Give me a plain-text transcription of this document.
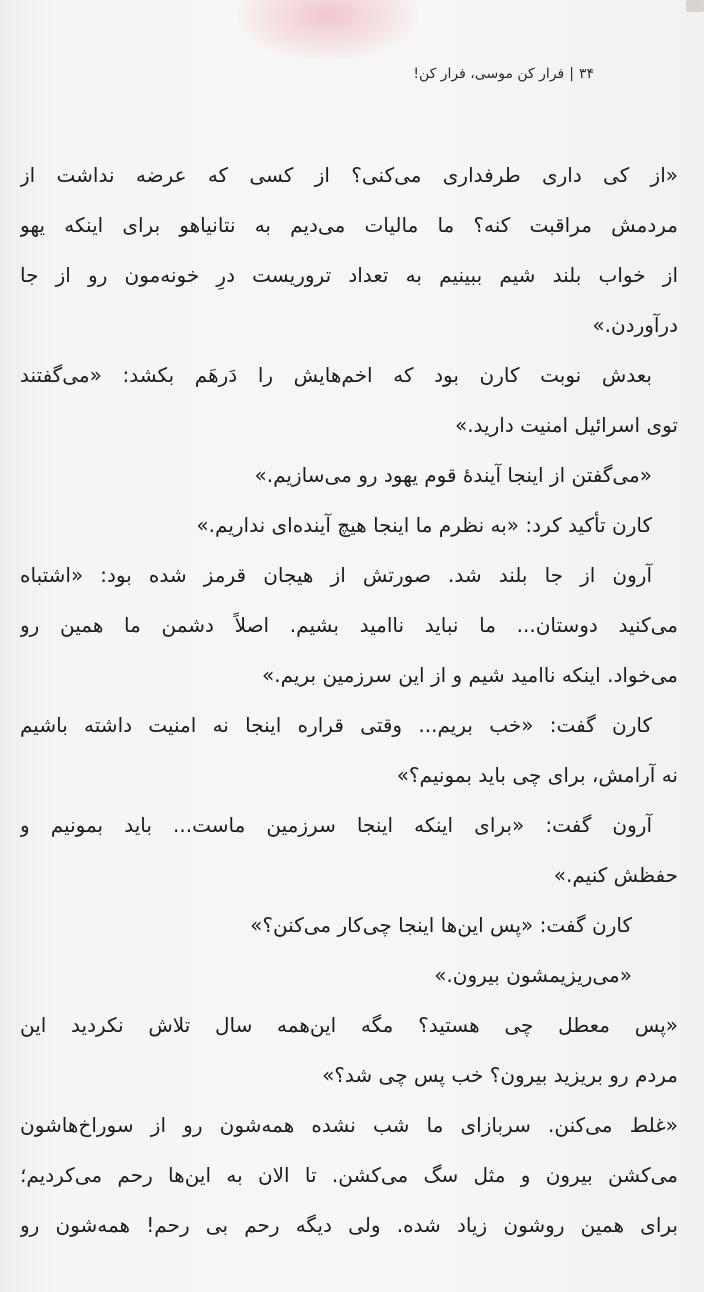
۳۴|فرار کن موسی، فرار کن!
«از کی داری طرفداری می‌کنی؟ از کسی که عرضه نداشت از
مردمش مراقبت کنه؟ ما مالیات می‌دیم به نتانیاهو برای اینکه یهو
از خواب بلند شیم ببینیم به تعداد تروریست درِ خونه‌مون رو از جا
درآوردن.»
بعدش نوبت کارن بود که اخم‌هایش را دَرهَم بکشد: «می‌گفتند
توی اسرائیل امنیت دارید.»
«می‌گفتن از اینجا آیندهٔ قوم یهود رو می‌سازیم.»
کارن تأکید کرد: «به نظرم ما اینجا هیچ آینده‌ای نداریم.»
آرون از جا بلند شد. صورتش از هیجان قرمز شده بود: «اشتباه
می‌کنید دوستان... ما نباید ناامید بشیم. اصلاً دشمن ما همین رو
می‌خواد. اینکه ناامید شیم و از این سرزمین بریم.»
کارن گفت: «خب بریم... وقتی قراره اینجا نه امنیت داشته باشیم
نه آرامش، برای چی باید بمونیم؟»
آرون گفت: «برای اینکه اینجا سرزمین ماست... باید بمونیم و
حفظش کنیم.»
کارن گفت: «پس این‌ها اینجا چی‌کار می‌کنن؟»
«می‌ریزیمشون بیرون.»
«پس معطل چی هستید؟ مگه این‌همه سال تلاش نکردید این
مردم رو بریزید بیرون؟ خب پس چی شد؟»
«غلط می‌کنن. سربازای ما شب نشده همه‌شون رو از سوراخ‌هاشون
می‌کشن بیرون و مثل سگ می‌کشن. تا الان به این‌ها رحم می‌کردیم؛
برای همین روشون زیاد شده. ولی دیگه رحم بی رحم! همه‌شون رو
